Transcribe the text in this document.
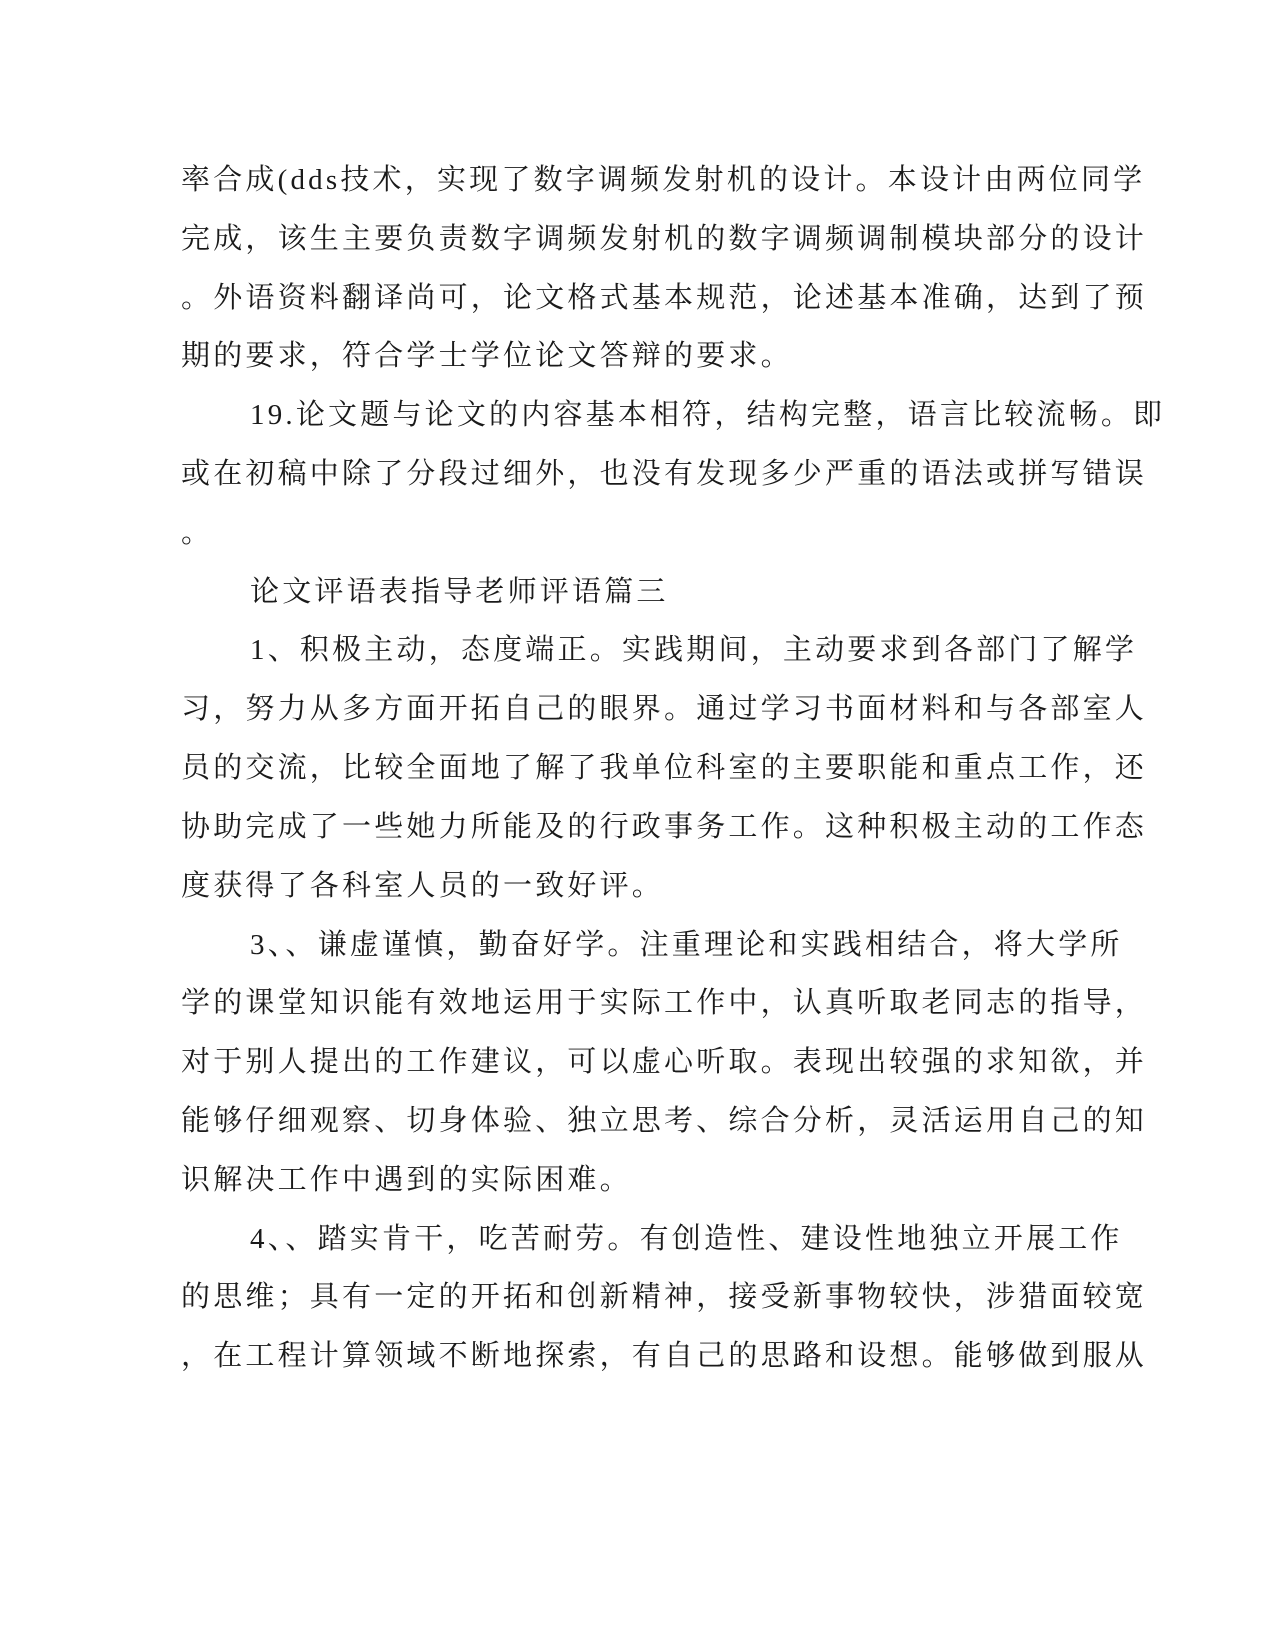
率合成(dds技术，实现了数字调频发射机的设计。本设计由两位同学
完成，该生主要负责数字调频发射机的数字调频调制模块部分的设计
。外语资料翻译尚可，论文格式基本规范，论述基本准确，达到了预
期的要求，符合学士学位论文答辩的要求。
19.论文题与论文的内容基本相符，结构完整，语言比较流畅。即
或在初稿中除了分段过细外，也没有发现多少严重的语法或拼写错误
。
论文评语表指导老师评语篇三
1、积极主动，态度端正。实践期间，主动要求到各部门了解学
习，努力从多方面开拓自己的眼界。通过学习书面材料和与各部室人
员的交流，比较全面地了解了我单位科室的主要职能和重点工作，还
协助完成了一些她力所能及的行政事务工作。这种积极主动的工作态
度获得了各科室人员的一致好评。
3、、谦虚谨慎，勤奋好学。注重理论和实践相结合，将大学所
学的课堂知识能有效地运用于实际工作中，认真听取老同志的指导，
对于别人提出的工作建议，可以虚心听取。表现出较强的求知欲，并
能够仔细观察、切身体验、独立思考、综合分析，灵活运用自己的知
识解决工作中遇到的实际困难。
4、、踏实肯干，吃苦耐劳。有创造性、建设性地独立开展工作
的思维；具有一定的开拓和创新精神，接受新事物较快，涉猎面较宽
，在工程计算领域不断地探索，有自己的思路和设想。能够做到服从
